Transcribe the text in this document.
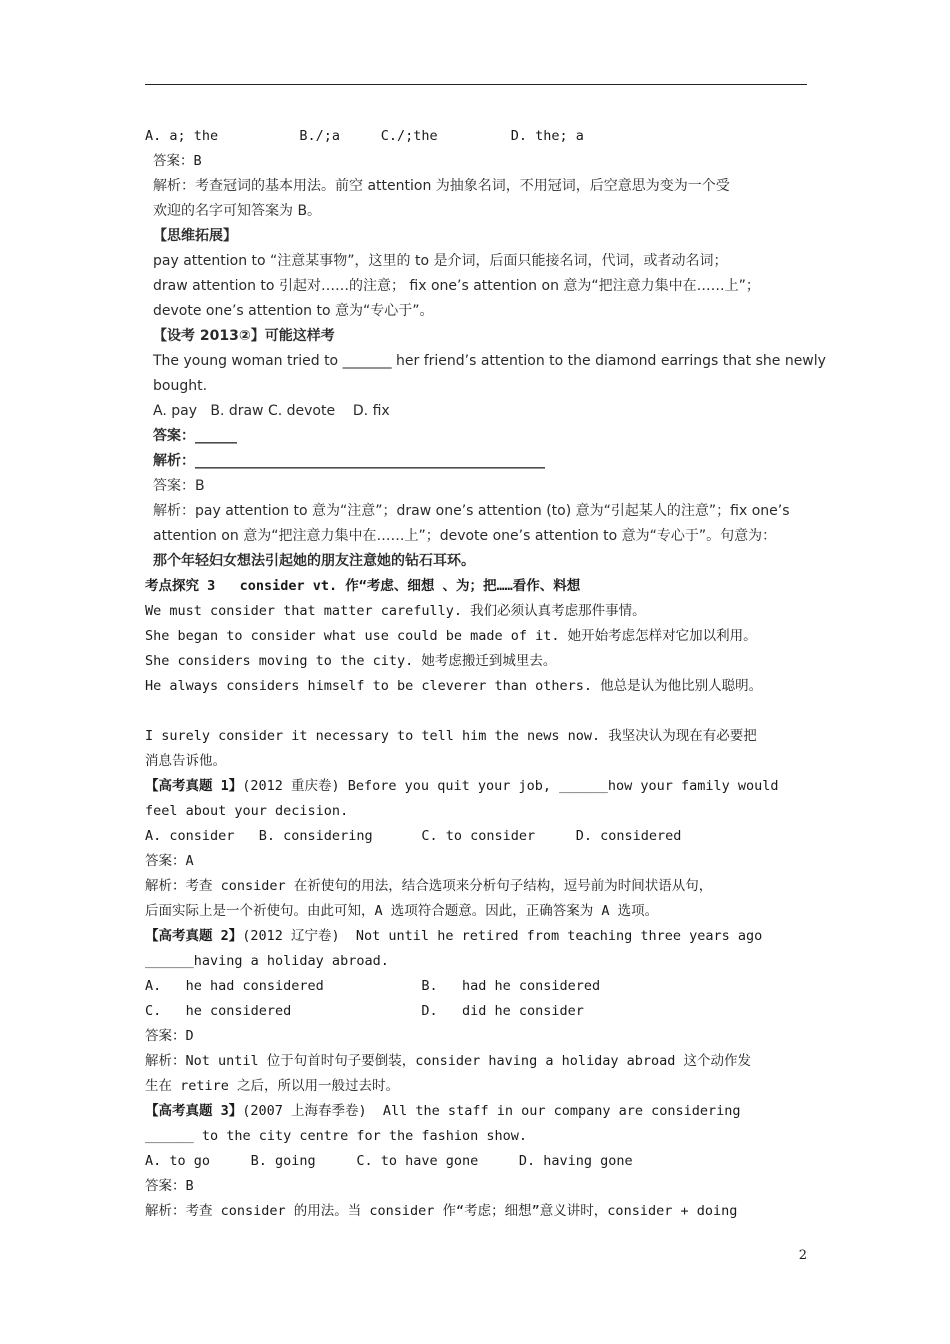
A. a; the          B./;a     C./;the         D. the; a
答案：B
解析：考查冠词的基本用法。前空 attention 为抽象名词，不用冠词，后空意思为变为一个受
欢迎的名字可知答案为 B。
【思维拓展】
pay attention to “注意某事物”，这里的 to 是介词，后面只能接名词，代词，或者动名词；
draw attention to 引起对……的注意； fix one’s attention on 意为“把注意力集中在……上”；
devote one’s attention to 意为“专心于”。
【设考 2013②】可能这样考
The young woman tried to _______ her friend’s attention to the diamond earrings that she newly
bought.
A. pay   B. draw C. devote    D. fix
答案：______
解析：__________________________________________________
答案：B
解析：pay attention to 意为“注意”；draw one’s attention (to) 意为“引起某人的注意”；fix one’s
attention on 意为“把注意力集中在……上”；devote one’s attention to 意为“专心于”。句意为：
那个年轻妇女想法引起她的朋友注意她的钻石耳环。
考点探究 3   consider vt. 作“考虑、细想 、为；把……看作、料想
We must consider that matter carefully. 我们必须认真考虑那件事情。
She began to consider what use could be made of it. 她开始考虑怎样对它加以利用。
She considers moving to the city. 她考虑搬迁到城里去。
He always considers himself to be cleverer than others. 他总是认为他比别人聪明。
I surely consider it necessary to tell him the news now. 我坚决认为现在有必要把
消息告诉他。
【高考真题 1】(2012 重庆卷) Before you quit your job, ______how your family would
feel about your decision.
A. consider   B. considering      C. to consider     D. considered
答案：A
解析：考查 consider 在祈使句的用法，结合选项来分析句子结构，逗号前为时间状语从句，
后面实际上是一个祈使句。由此可知，A 选项符合题意。因此，正确答案为 A 选项。
【高考真题 2】(2012 辽宁卷)  Not until he retired from teaching three years ago
______having a holiday abroad.
A.   he had considered            B.   had he considered
C.   he considered                D.   did he consider
答案：D
解析：Not until 位于句首时句子要倒装，consider having a holiday abroad 这个动作发
生在 retire 之后，所以用一般过去时。
【高考真题 3】(2007 上海春季卷)  All the staff in our company are considering
______ to the city centre for the fashion show.
A. to go     B. going     C. to have gone     D. having gone
答案：B
解析：考查 consider 的用法。当 consider 作“考虑；细想”意义讲时，consider + doing
2
